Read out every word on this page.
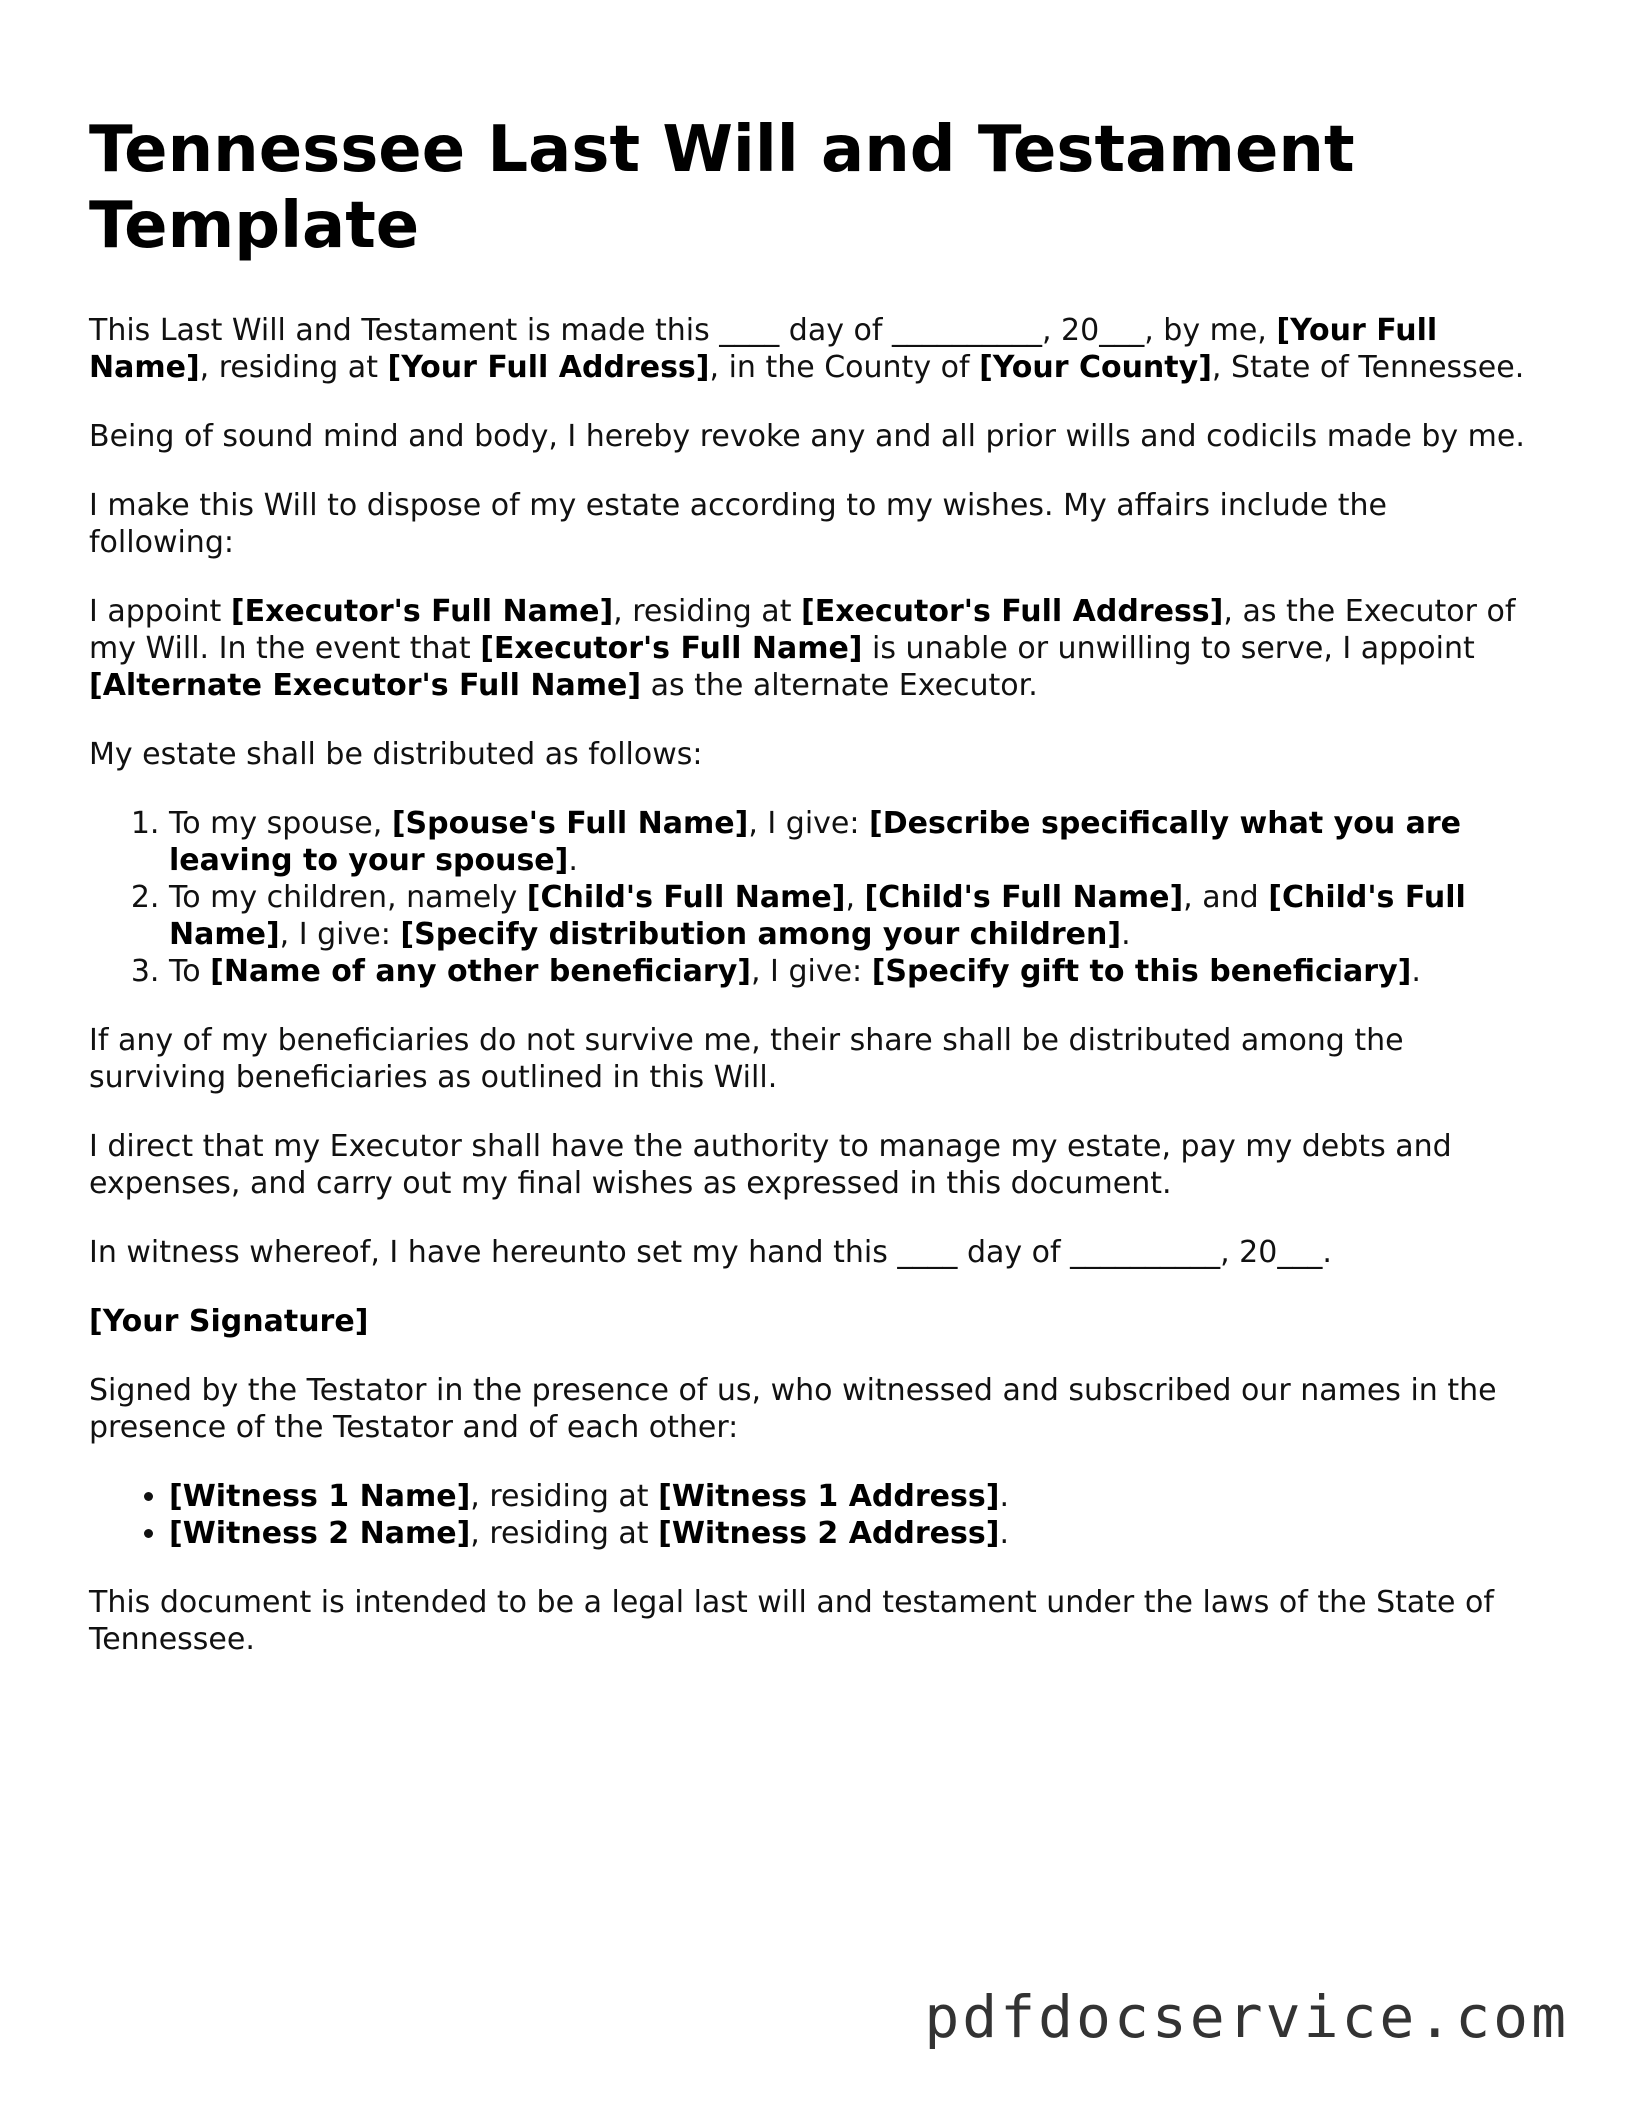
Tennessee Last Will and Testament Template

This Last Will and Testament is made this ____ day of __________, 20___, by me, [Your Full Name], residing at [Your Full Address], in the County of [Your County], State of Tennessee.

Being of sound mind and body, I hereby revoke any and all prior wills and codicils made by me.

I make this Will to dispose of my estate according to my wishes. My affairs include the following:

I appoint [Executor's Full Name], residing at [Executor's Full Address], as the Executor of my Will. In the event that [Executor's Full Name] is unable or unwilling to serve, I appoint [Alternate Executor's Full Name] as the alternate Executor.

My estate shall be distributed as follows:

1. To my spouse, [Spouse's Full Name], I give: [Describe specifically what you are leaving to your spouse].
2. To my children, namely [Child's Full Name], [Child's Full Name], and [Child's Full Name], I give: [Specify distribution among your children].
3. To [Name of any other beneficiary], I give: [Specify gift to this beneficiary].

If any of my beneficiaries do not survive me, their share shall be distributed among the surviving beneficiaries as outlined in this Will.

I direct that my Executor shall have the authority to manage my estate, pay my debts and expenses, and carry out my final wishes as expressed in this document.

In witness whereof, I have hereunto set my hand this ____ day of __________, 20___.

[Your Signature]

Signed by the Testator in the presence of us, who witnessed and subscribed our names in the presence of the Testator and of each other:

• [Witness 1 Name], residing at [Witness 1 Address].
• [Witness 2 Name], residing at [Witness 2 Address].

This document is intended to be a legal last will and testament under the laws of the State of Tennessee.

pdfdocservice.com
